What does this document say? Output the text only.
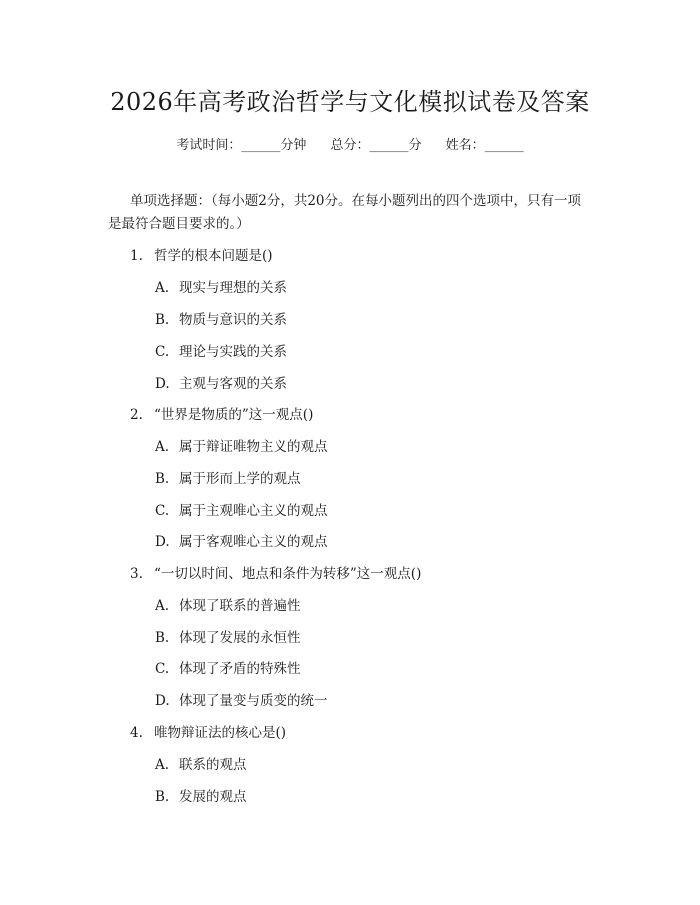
2026年高考政治哲学与文化模拟试卷及答案
考试时间：______分钟 总分：______分 姓名：______
单项选择题：（每小题2分，共20分。在每小题列出的四个选项中，只有一项是最符合题目要求的。）
1. 哲学的根本问题是()
A. 现实与理想的关系
B. 物质与意识的关系
C. 理论与实践的关系
D. 主观与客观的关系
2. “世界是物质的”这一观点()
A. 属于辩证唯物主义的观点
B. 属于形而上学的观点
C. 属于主观唯心主义的观点
D. 属于客观唯心主义的观点
3. “一切以时间、地点和条件为转移”这一观点()
A. 体现了联系的普遍性
B. 体现了发展的永恒性
C. 体现了矛盾的特殊性
D. 体现了量变与质变的统一
4. 唯物辩证法的核心是()
A. 联系的观点
B. 发展的观点
